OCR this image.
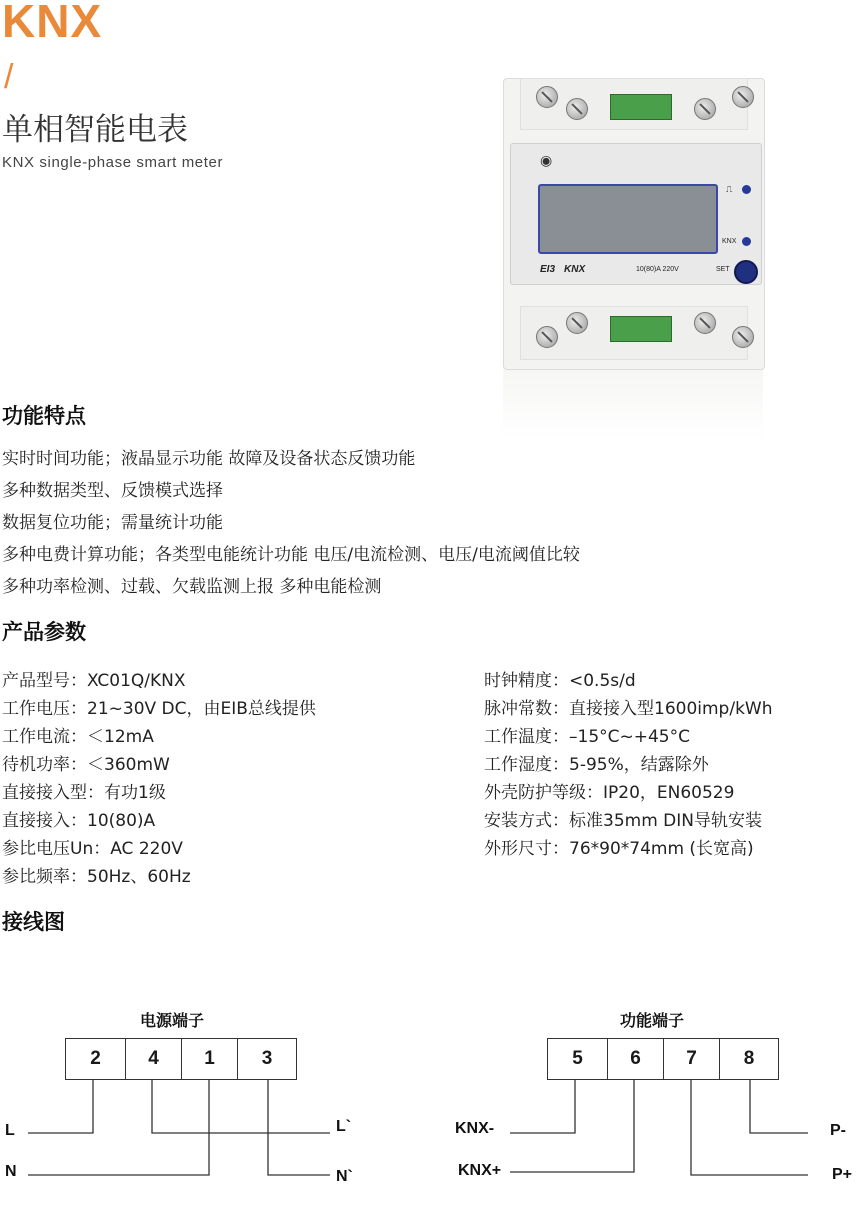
KNX
/
单相智能电表
KNX single-phase smart meter	◉
⎍
KNX
EI3 KNX	10(80)A 220V	SET
功能特点
实时时间功能；液晶显示功能 故障及设备状态反馈功能
多种数据类型、反馈模式选择
数据复位功能；需量统计功能
多种电费计算功能；各类型电能统计功能 电压/电流检测、电压/电流阈值比较
多种功率检测、过载、欠载监测上报 多种电能检测
产品参数
产品型号：XC01Q/KNX
工作电压：21~30V DC，由EIB总线提供
工作电流：＜12mA
待机功率：＜360mW
直接接入型：有功1级
直接接入：10(80)A
参比电压Un：AC 220V
参比频率：50Hz、60Hz
时钟精度：<0.5s/d
脉冲常数：直接接入型1600imp/kWh
工作温度：–15°C~+45°C
工作湿度：5-95%，结露除外
外壳防护等级：IP20，EN60529
安装方式：标准35mm DIN导轨安装
外形尺寸：76*90*74mm (长宽高)
接线图
电源端子
2	4	1	3
L
N
L`
N`
功能端子
5	6	7	8
KNX-
KNX+
P-
P+
